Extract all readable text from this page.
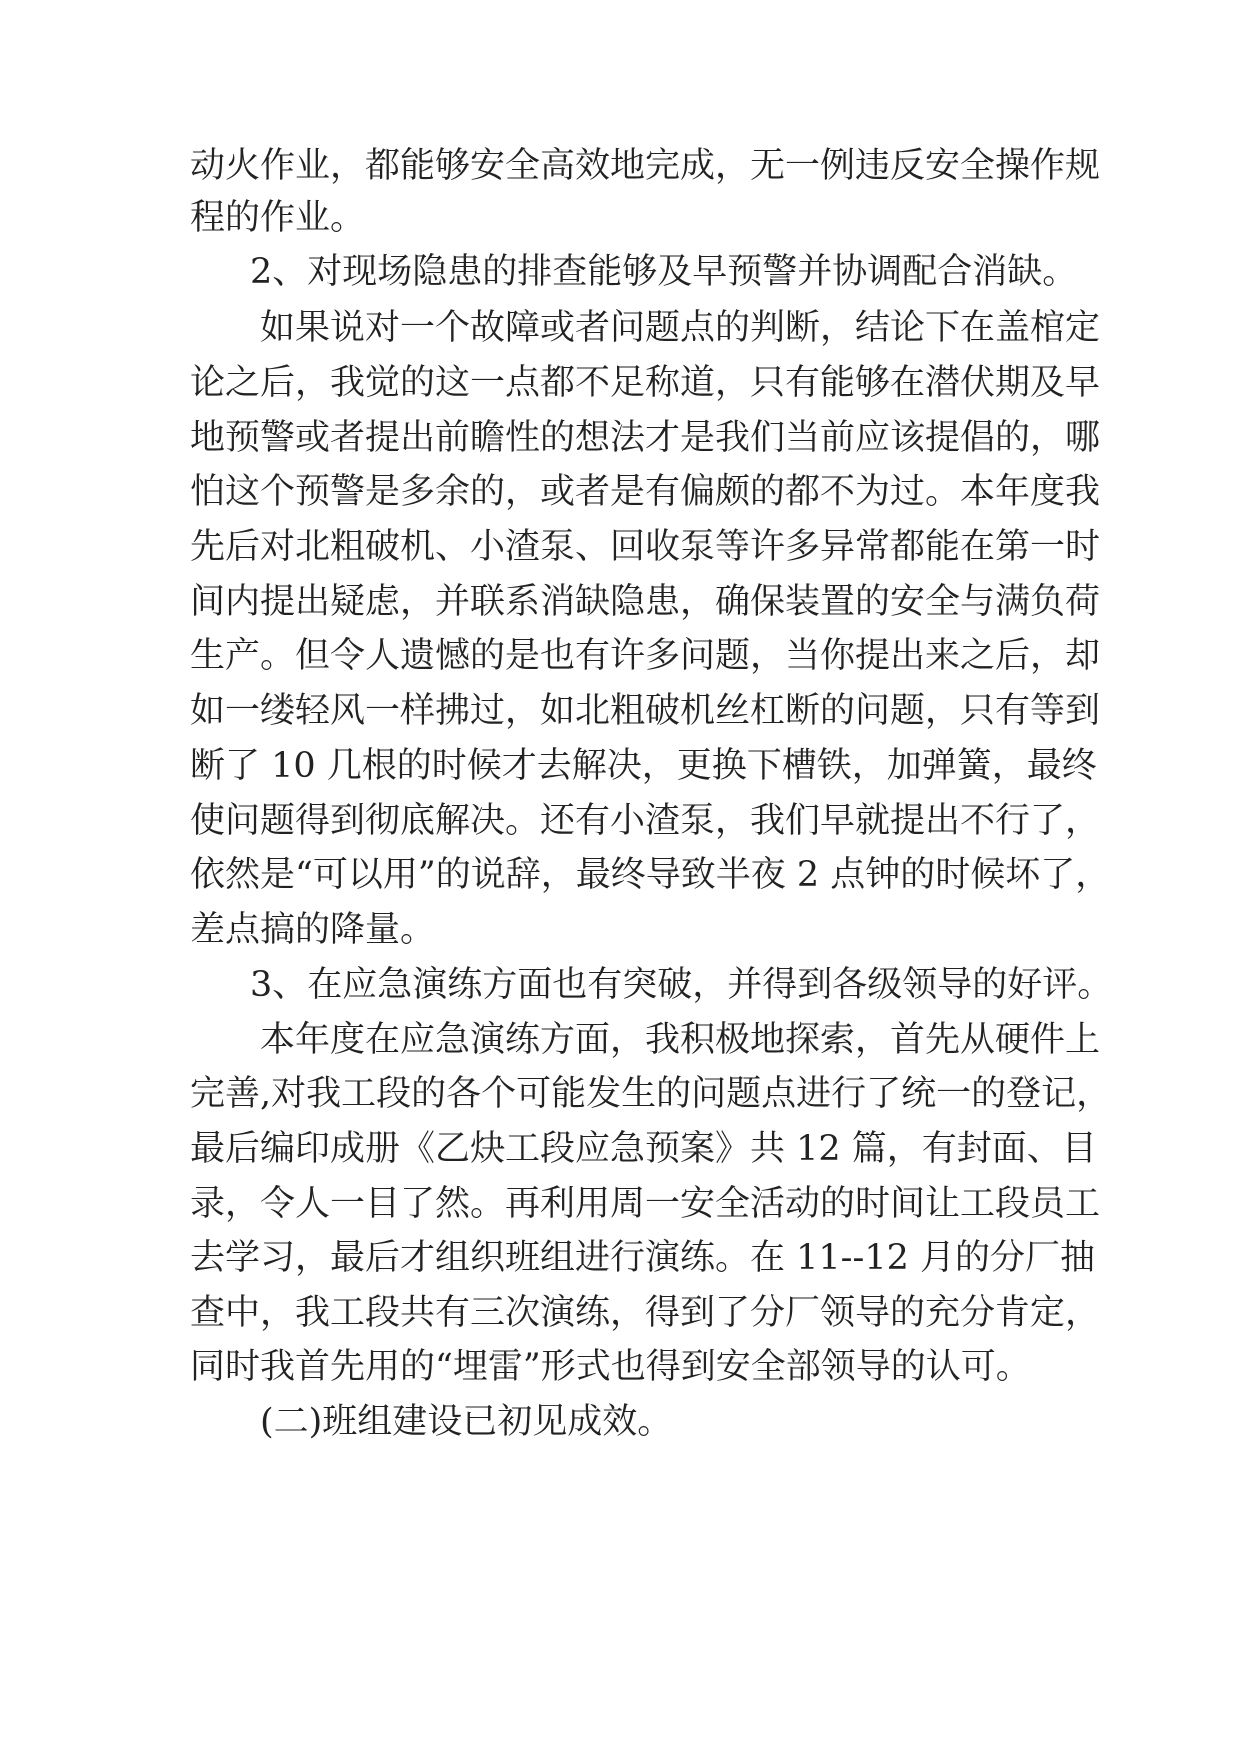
动火作业，都能够安全高效地完成，无一例违反安全操作规

程的作业。

2、对现场隐患的排查能够及早预警并协调配合消缺。

如果说对一个故障或者问题点的判断，结论下在盖棺定

论之后，我觉的这一点都不足称道，只有能够在潜伏期及早

地预警或者提出前瞻性的想法才是我们当前应该提倡的，哪

怕这个预警是多余的，或者是有偏颇的都不为过。本年度我

先后对北粗破机、小渣泵、回收泵等许多异常都能在第一时

间内提出疑虑，并联系消缺隐患，确保装置的安全与满负荷

生产。但令人遗憾的是也有许多问题，当你提出来之后，却

如一缕轻风一样拂过，如北粗破机丝杠断的问题，只有等到

断了 10 几根的时候才去解决，更换下槽铁，加弹簧，最终

使问题得到彻底解决。还有小渣泵，我们早就提出不行了，

依然是“可以用”的说辞，最终导致半夜 2 点钟的时候坏了，

差点搞的降量。

3、在应急演练方面也有突破，并得到各级领导的好评。

本年度在应急演练方面，我积极地探索，首先从硬件上

完善,对我工段的各个可能发生的问题点进行了统一的登记，

最后编印成册《乙炔工段应急预案》共 12 篇，有封面、目

录，令人一目了然。再利用周一安全活动的时间让工段员工

去学习，最后才组织班组进行演练。在 11--12 月的分厂抽

查中，我工段共有三次演练，得到了分厂领导的充分肯定，

同时我首先用的“埋雷”形式也得到安全部领导的认可。

(二)班组建设已初见成效。
